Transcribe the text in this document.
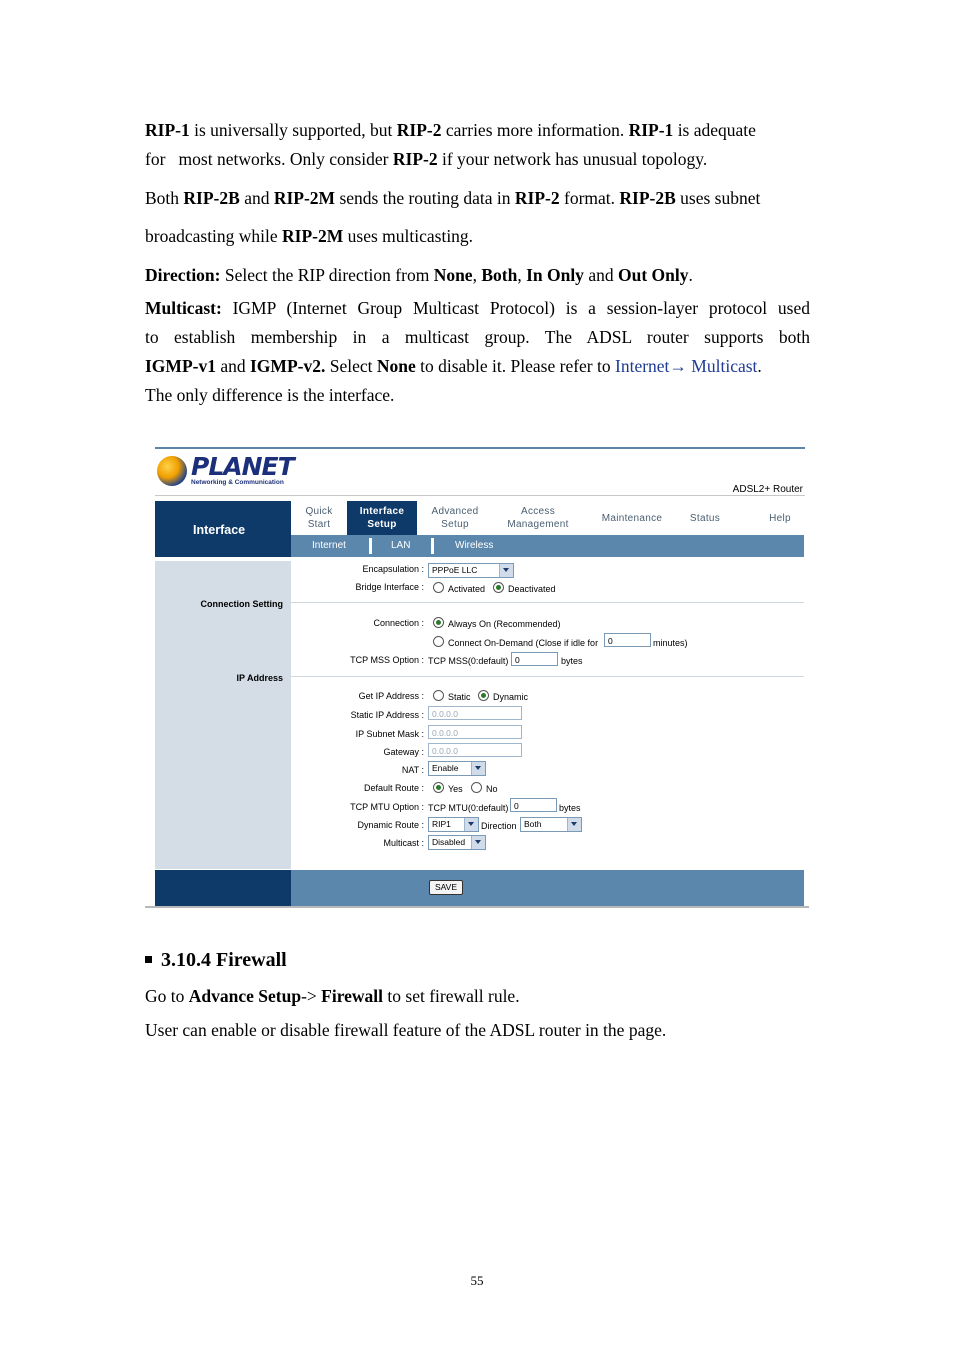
RIP-1 is universally supported, but RIP-2 carries more information. RIP-1 is adequate
for   most networks. Only consider RIP-2 if your network has unusual topology.
Both RIP-2B and RIP-2M sends the routing data in RIP-2 format. RIP-2B uses subnet
broadcasting while RIP-2M uses multicasting.
Direction: Select the RIP direction from None, Both, In Only and Out Only.
Multicast: IGMP (Internet Group Multicast Protocol) is a session-layer protocol used
to establish membership in a multicast group. The ADSL router supports both
IGMP-v1 and IGMP-v2. Select None to disable it. Please refer to Internet→ Multicast.
The only difference is the interface.
PLANET
Networking & Communication
ADSL2+ Router
Interface
Quick
Start
Interface
Setup
Advanced
Setup
Access
Management
Maintenance	Status	Help
Internet	LAN	Wireless
Connection Setting
IP Address
Encapsulation : PPPoE LLC
Bridge Interface :	Activated	Deactivated
Connection :	Always On (Recommended)
Connect On-Demand (Close if idle for	0	minutes)
TCP MSS Option : TCP MSS(0:default) 0	bytes
Get IP Address :	Static Dynamic
Static IP Address : 0.0.0.0
IP Subnet Mask : 0.0.0.0
Gateway : 0.0.0.0
NAT : Enable
Default Route :	Yes	No
TCP MTU Option : TCP MTU(0:default) 0	bytes
Dynamic Route : RIP1	Direction Both
Multicast : Disabled
SAVE
3.10.4 Firewall
Go to Advance Setup-> Firewall to set firewall rule.
User can enable or disable firewall feature of the ADSL router in the page.
55
